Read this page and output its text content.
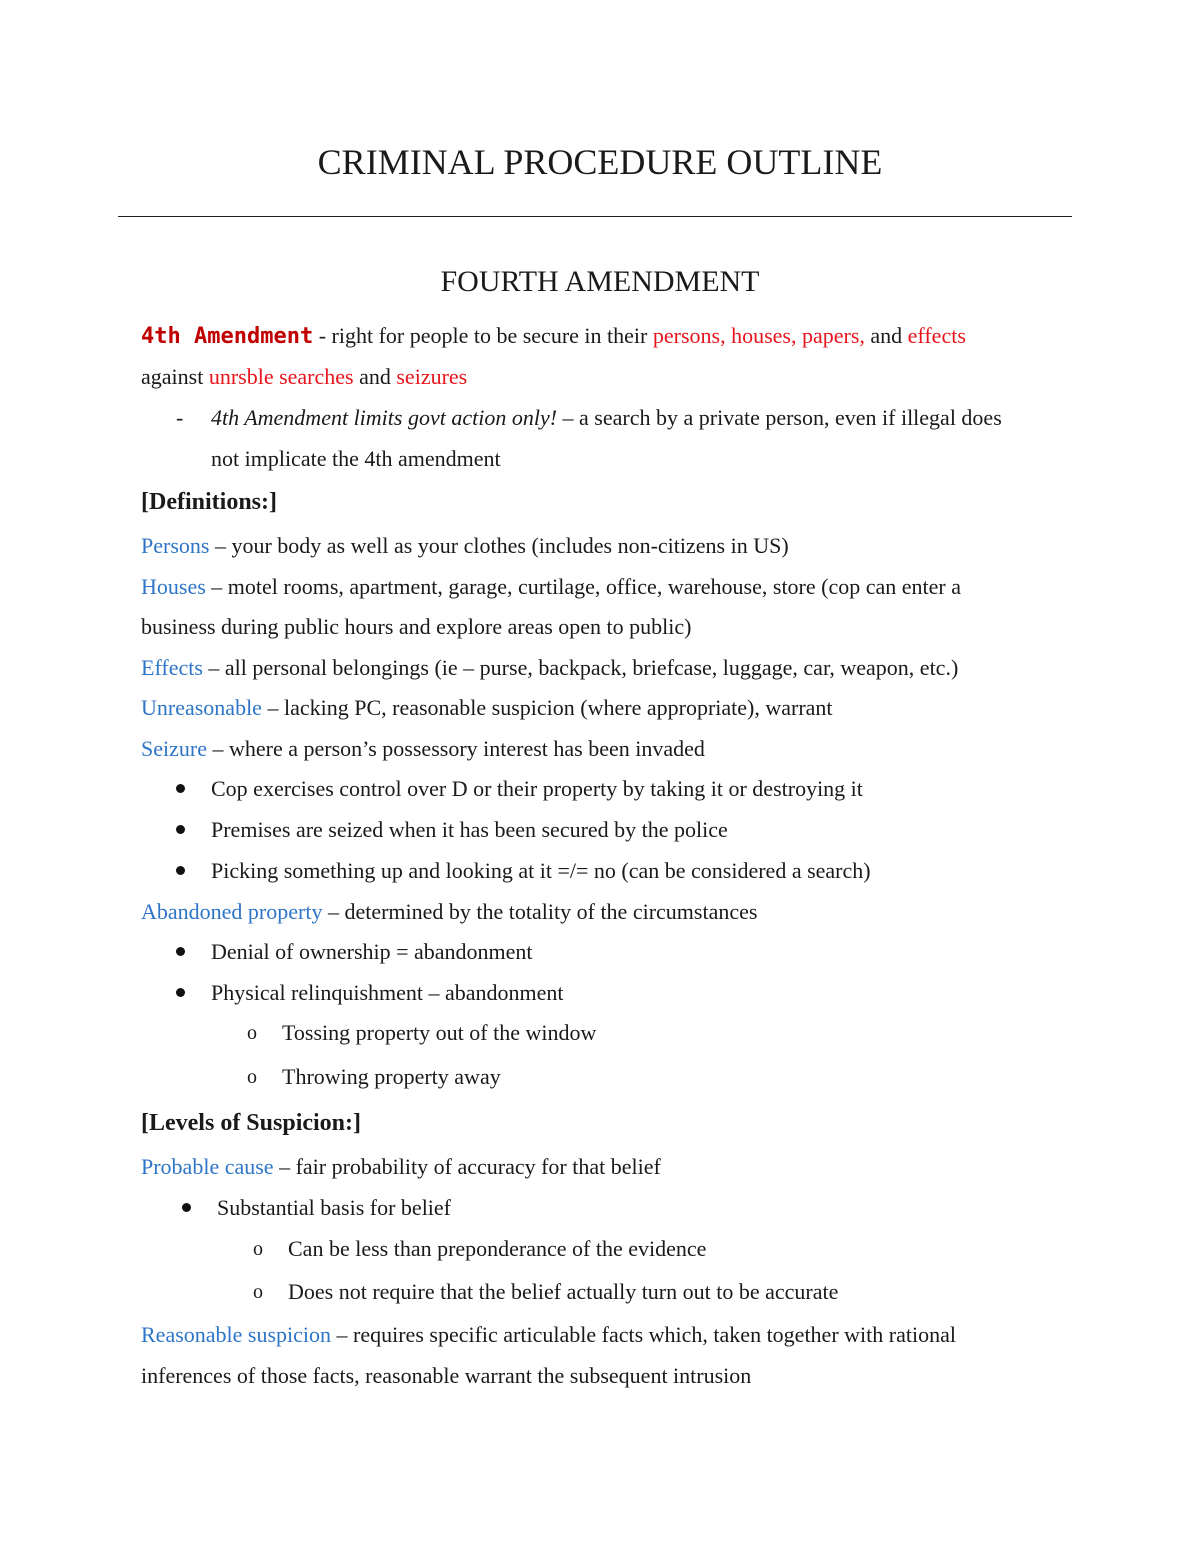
CRIMINAL PROCEDURE OUTLINE
FOURTH AMENDMENT
4th Amendment - right for people to be secure in their persons, houses, papers, and effects
against unrsble searches and seizures
- 4th Amendment limits govt action only! – a search by a private person, even if illegal does
not implicate the 4th amendment
[Definitions:]
Persons – your body as well as your clothes (includes non-citizens in US)
Houses – motel rooms, apartment, garage, curtilage, office, warehouse, store (cop can enter a
business during public hours and explore areas open to public)
Effects – all personal belongings (ie – purse, backpack, briefcase, luggage, car, weapon, etc.)
Unreasonable – lacking PC, reasonable suspicion (where appropriate), warrant
Seizure – where a person’s possessory interest has been invaded
Cop exercises control over D or their property by taking it or destroying it
Premises are seized when it has been secured by the police
Picking something up and looking at it =/= no (can be considered a search)
Abandoned property – determined by the totality of the circumstances
Denial of ownership = abandonment
Physical relinquishment – abandonment
o Tossing property out of the window
o Throwing property away
[Levels of Suspicion:]
Probable cause – fair probability of accuracy for that belief
Substantial basis for belief
o Can be less than preponderance of the evidence
o Does not require that the belief actually turn out to be accurate
Reasonable suspicion – requires specific articulable facts which, taken together with rational
inferences of those facts, reasonable warrant the subsequent intrusion
